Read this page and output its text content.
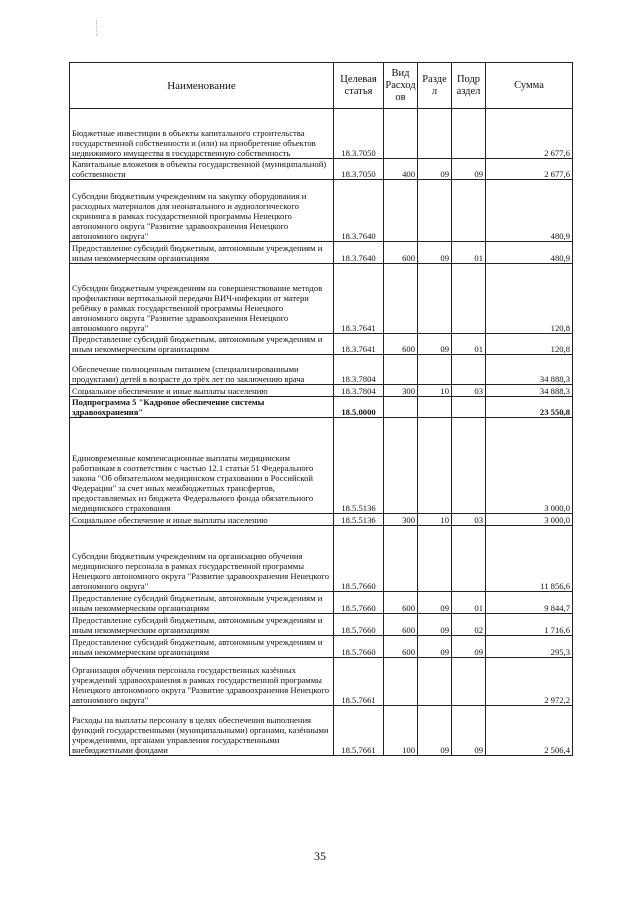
Наименование	Целевая статья	Вид Расход ов	Разде л	Подр аздел	Сумма
Бюджетные инвестиции в объекты капитального строительства государственной собственности и (или) на приобретение объектов недвижимого имущества в государственную собственность	18.3.7050				2 677,6
Капитальные вложения в объекты государственной (муниципальной) собственности	18.3.7050	400	09	09	2 677,6
Субсидии бюджетным учреждениям на закупку оборудования и расходных материалов для неонатального и аудиологического скрининга в рамках государственной программы Ненецкого автономного округа "Развитие здравоохранения Ненецкого автономного округа"	18.3.7640				480,9
Предоставление субсидий бюджетным, автономным учреждениям и иным некоммерческим организациям	18.3.7640	600	09	01	480,9
Субсидии бюджетным учреждениям на совершенствование методов профилактики вертикальной передачи ВИЧ-инфекции от матери ребёнку в рамках государственной программы Ненецкого автономного округа "Развитие здравоохранения Ненецкого автономного округа"	18.3.7641				120,8
Предоставление субсидий бюджетным, автономным учреждениям и иным некоммерческим организациям	18.3.7641	600	09	01	120,8
Обеспечение полноценным питанием (специализированными продуктами) детей в возрасте до трёх лет по заключению врача	18.3.7804				34 888,3
Социальное обеспечение и иные выплаты населению	18.3.7804	300	10	03	34 888,3
Подпрограмма 5 "Кадровое обеспечение системы здравоохранения"	18.5.0000				23 550,8
Единовременные компенсационные выплаты медицинским работникам в соответствии с частью 12.1 статьи 51 Федерального закона "Об обязательном медицинском страховании в Российской Федерации" за счет иных межбюджетных трансфертов, предоставляемых из бюджета Федерального фонда обязательного медицинского страхования	18.5.5136				3 000,0
Социальное обеспечение и иные выплаты населению	18.5.5136	300	10	03	3 000,0
Субсидии бюджетным учреждениям на организацию обучения медицинского персонала в рамках государственной программы Ненецкого автономного округа "Развитие здравоохранения Ненецкого автономного округа"	18.5.7660				11 856,6
Предоставление субсидий бюджетным, автономным учреждениям и иным некоммерческим организациям	18.5.7660	600	09	01	9 844,7
Предоставление субсидий бюджетным, автономным учреждениям и иным некоммерческим организациям	18.5.7660	600	09	02	1 716,6
Предоставление субсидий бюджетным, автономным учреждениям и иным некоммерческим организациям	18.5.7660	600	09	09	295,3
Организация обучения персонала государственных казённых учреждений здравоохранения в рамках государственной программы Ненецкого автономного округа "Развитие здравоохранения Ненецкого автономного округа"	18.5.7661				2 972,2
Расходы на выплаты персоналу в целях обеспечения выполнения функций государственными (муниципальными) органами, казёнными учреждениями, органами управления государственными внебюджетными фондами	18.5.7661	100	09	09	2 506,4
35
